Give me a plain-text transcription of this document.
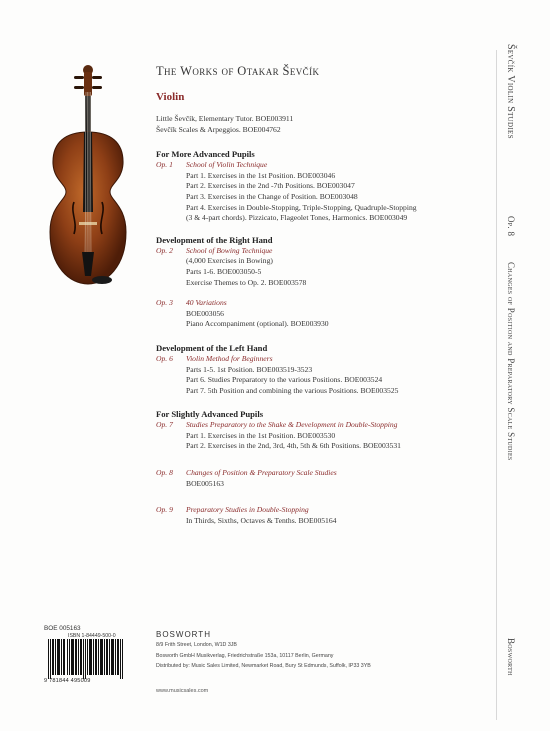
The Works of Otakar Ševčík

Violin

Little Ševčík, Elementary Tutor. BOE003911
Ševčík Scales & Arpeggios. BOE004762
For More Advanced Pupils
Op. 1 School of Violin Technique
Part 1. Exercises in the 1st Position. BOE003046
Part 2. Exercises in the 2nd -7th Positions. BOE003047
Part 3. Exercises in the Change of Position. BOE003048
Part 4. Exercises in Double-Stopping, Triple-Stopping, Quadruple-Stopping
(3 & 4-part chords). Pizzicato, Flageolet Tones, Harmonics. BOE003049
Development of the Right Hand
Op. 2 School of Bowing Technique
(4,000 Exercises in Bowing)
Parts 1-6. BOE003050-5
Exercise Themes to Op. 2. BOE003578
Op. 3 40 Variations
BOE003056
Piano Accompaniment (optional). BOE003930
Development of the Left Hand
Op. 6 Violin Method for Beginners
Parts 1-5. 1st Position. BOE003519-3523
Part 6. Studies Preparatory to the various Positions. BOE003524
Part 7. 5th Position and combining the various Positions. BOE003525
For Slightly Advanced Pupils
Op. 7 Studies Preparatory to the Shake & Development in Double-Stopping
Part 1. Exercises in the 1st Position. BOE003530
Part 2. Exercises in the 2nd, 3rd, 4th, 5th & 6th Positions. BOE003531
Op. 8 Changes of Position & Preparatory Scale Studies
BOE005163
Op. 9 Preparatory Studies in Double-Stopping
In Thirds, Sixths, Octaves & Tenths. BOE005164
BOE 005163
ISBN 1-84449-500-0
9 781844 495009
BOSWORTH
8/9 Frith Street, London, W1D 3JB
Bosworth GmbH Musikverlag, Friedrichstraße 153a, 10117 Berlin, Germany
Distributed by: Music Sales Limited, Newmarket Road, Bury St Edmunds, Suffolk, IP33 3YB
www.musicsales.com
Ševčík Violin Studies
Op. 8
Changes of Position and Preparatory Scale Studies
Bosworth
